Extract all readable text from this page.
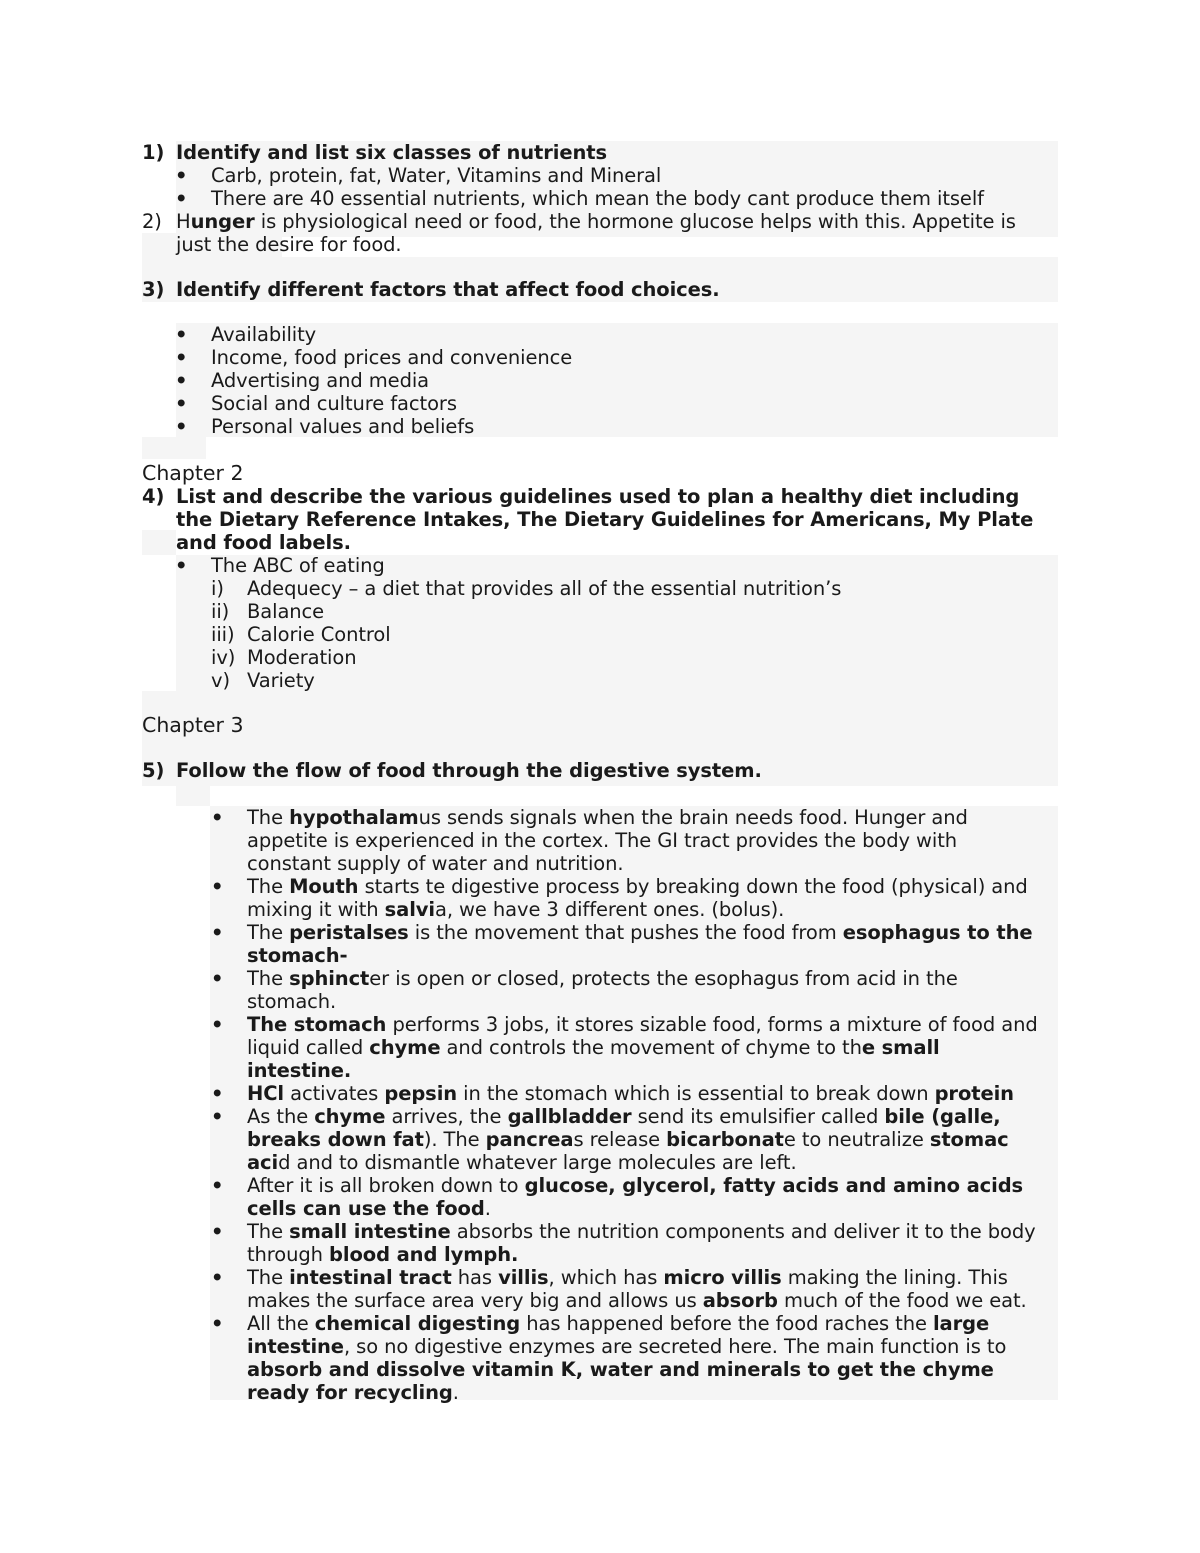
1) Identify and list six classes of nutrients
• Carb, protein, fat, Water, Vitamins and Mineral
• There are 40 essential nutrients, which mean the body cant produce them itself
2) Hunger is physiological need or food, the hormone glucose helps with this. Appetite is
just the desire for food.
3) Identify different factors that affect food choices.
• Availability
• Income, food prices and convenience
• Advertising and media
• Social and culture factors
• Personal values and beliefs
Chapter 2
4) List and describe the various guidelines used to plan a healthy diet including
the Dietary Reference Intakes, The Dietary Guidelines for Americans, My Plate
and food labels.
• The ABC of eating
i) Adequecy – a diet that provides all of the essential nutrition’s
ii) Balance
iii) Calorie Control
iv) Moderation
v) Variety
Chapter 3
5) Follow the flow of food through the digestive system.
• The hypothalamus sends signals when the brain needs food. Hunger and
appetite is experienced in the cortex. The GI tract provides the body with
constant supply of water and nutrition.
• The Mouth starts te digestive process by breaking down the food (physical) and
mixing it with salvia, we have 3 different ones. (bolus).
• The peristalses is the movement that pushes the food from esophagus to the
stomach-
• The sphincter is open or closed, protects the esophagus from acid in the
stomach.
• The stomach performs 3 jobs, it stores sizable food, forms a mixture of food and
liquid called chyme and controls the movement of chyme to the small
intestine.
• HCl activates pepsin in the stomach which is essential to break down protein
• As the chyme arrives, the gallbladder send its emulsifier called bile (galle,
breaks down fat). The pancreas release bicarbonate to neutralize stomac
acid and to dismantle whatever large molecules are left.
• After it is all broken down to glucose, glycerol, fatty acids and amino acids
cells can use the food.
• The small intestine absorbs the nutrition components and deliver it to the body
through blood and lymph.
• The intestinal tract has villis, which has micro villis making the lining. This
makes the surface area very big and allows us absorb much of the food we eat.
• All the chemical digesting has happened before the food raches the large
intestine, so no digestive enzymes are secreted here. The main function is to
absorb and dissolve vitamin K, water and minerals to get the chyme
ready for recycling.
